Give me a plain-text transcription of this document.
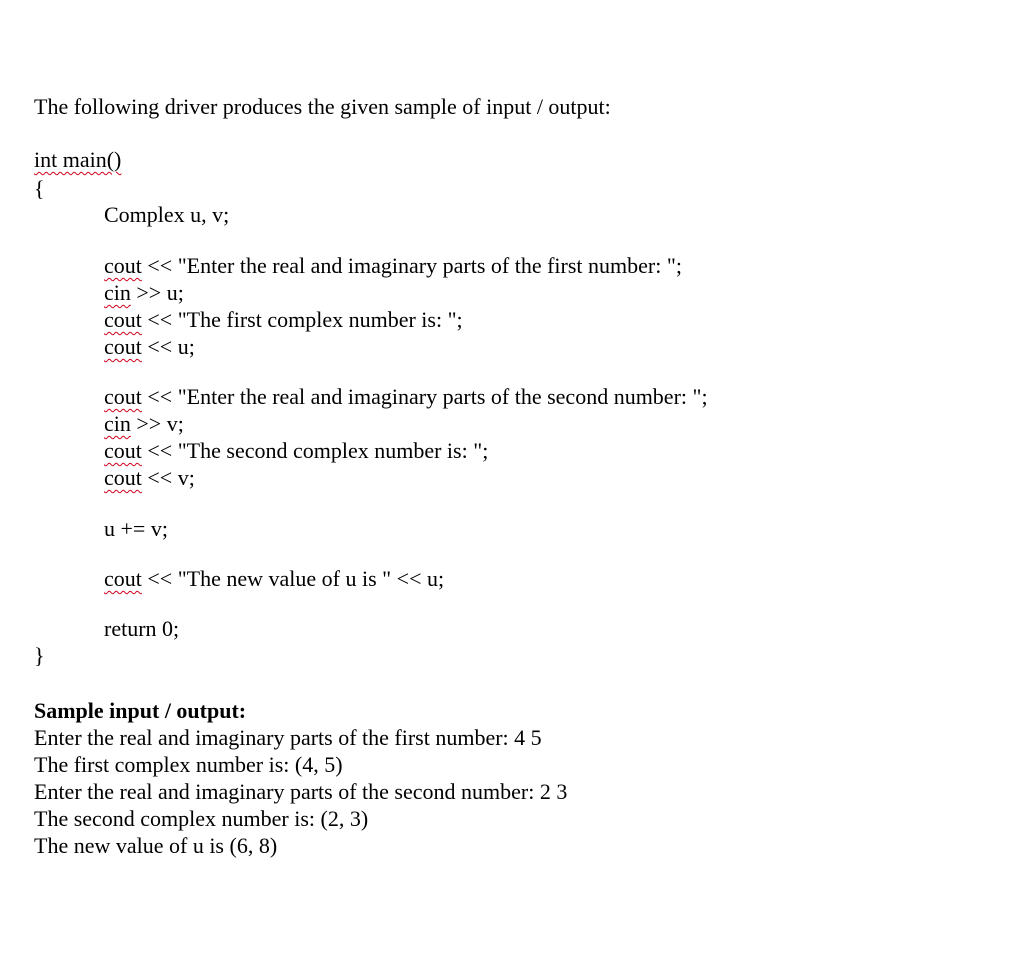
The following driver produces the given sample of input / output:
int main()
{
Complex u, v;
cout << "Enter the real and imaginary parts of the first number: ";
cin >> u;
cout << "The first complex number is: ";
cout << u;
cout << "Enter the real and imaginary parts of the second number: ";
cin >> v;
cout << "The second complex number is: ";
cout << v;
u += v;
cout << "The new value of u is " << u;
return 0;
}
Sample input / output:
Enter the real and imaginary parts of the first number: 4 5
The first complex number is: (4, 5)
Enter the real and imaginary parts of the second number: 2 3
The second complex number is: (2, 3)
The new value of u is (6, 8)
